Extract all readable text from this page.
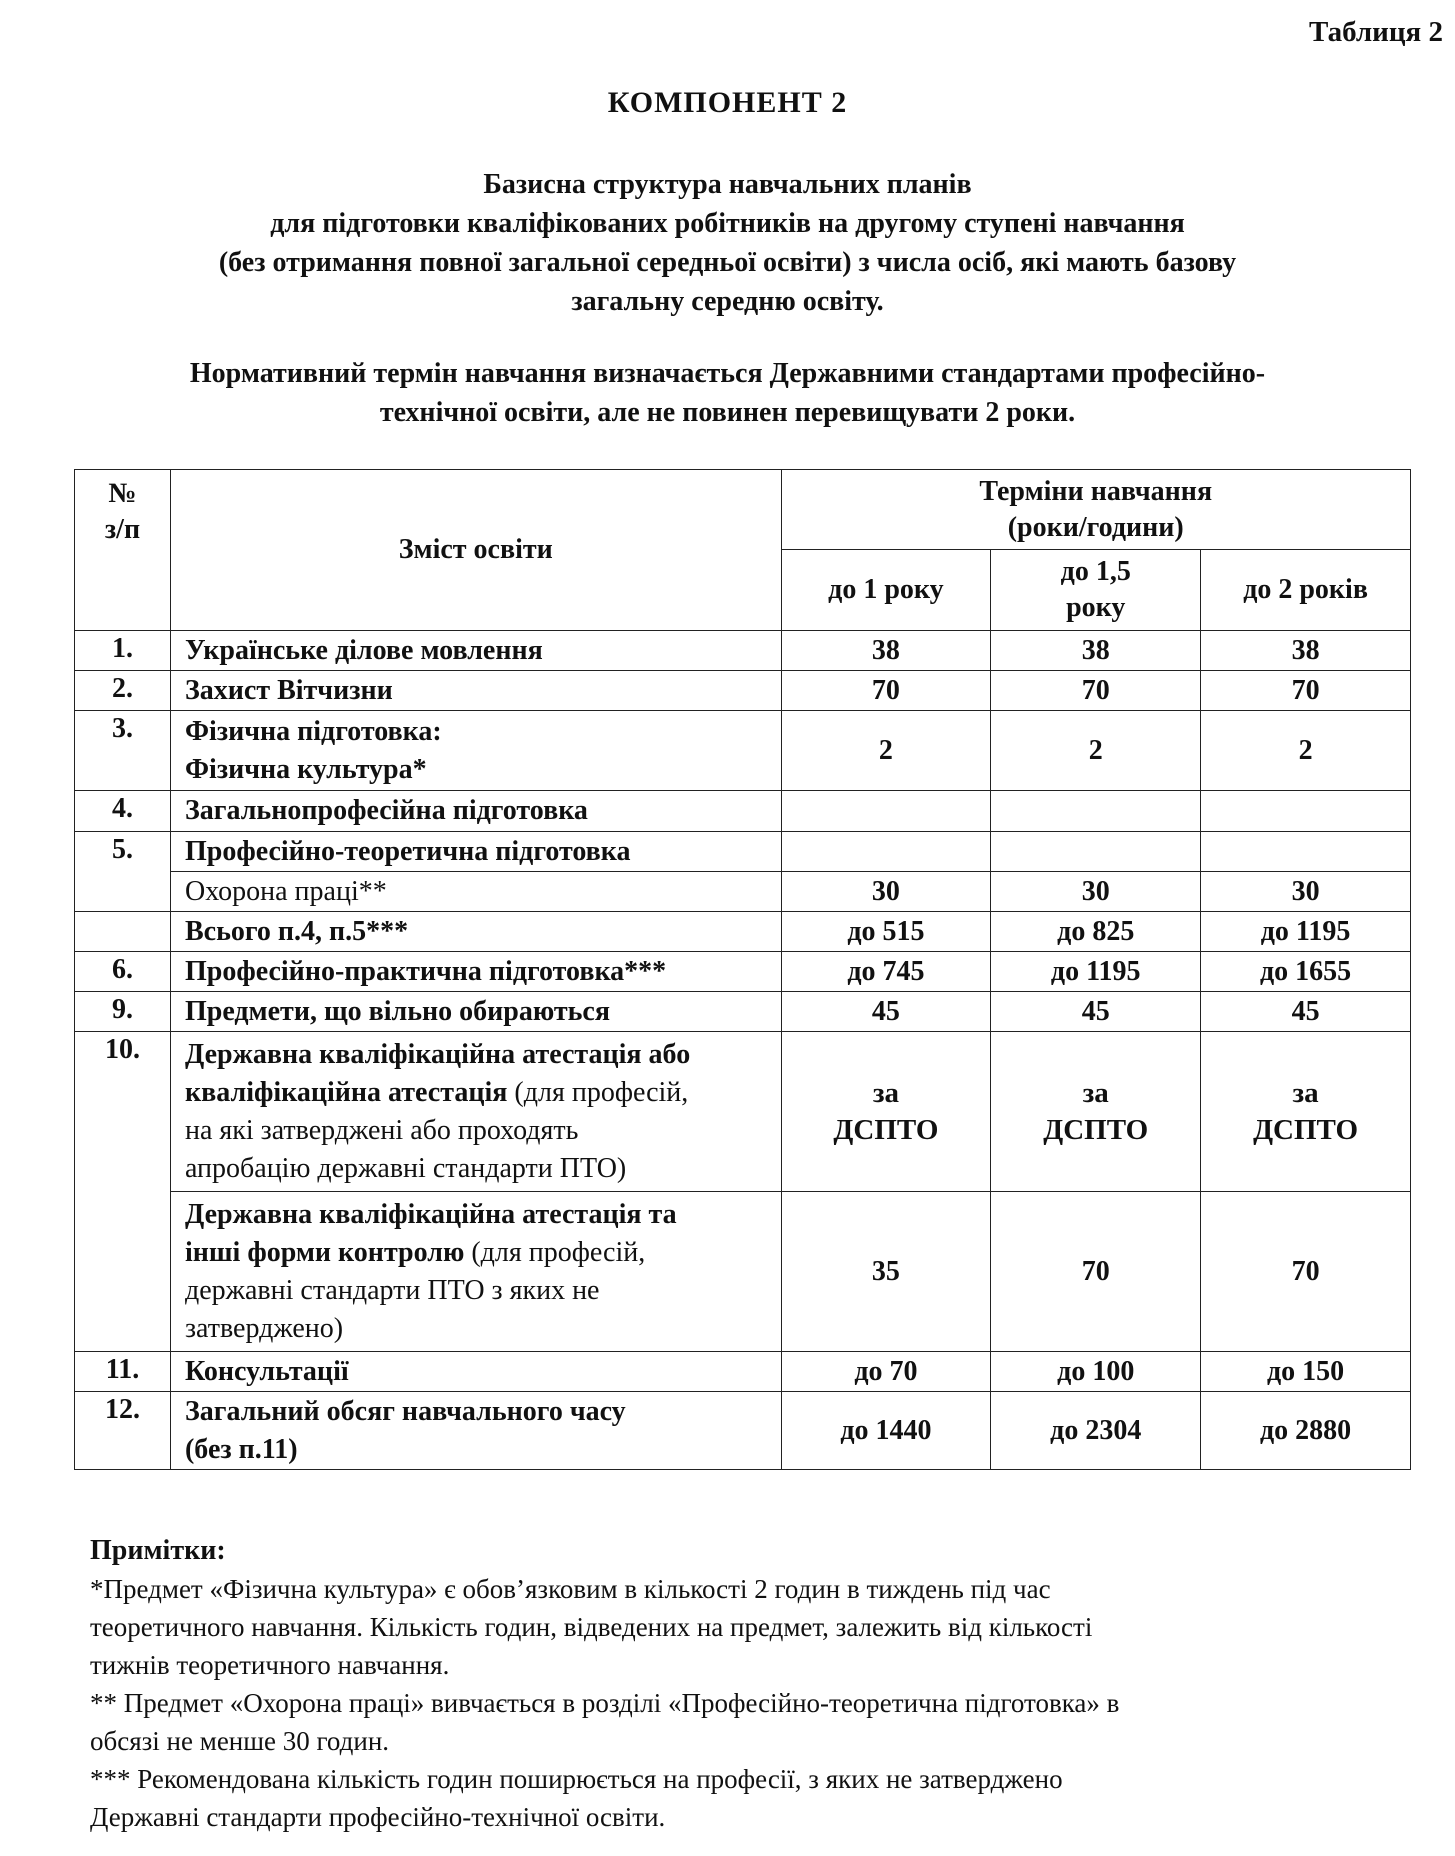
Таблиця 2
КОМПОНЕНТ 2
Базисна структура навчальних планів
для підготовки кваліфікованих робітників на другому ступені навчання
(без отримання повної загальної середньої освіти) з числа осіб, які мають базову
загальну середню освіту.
Нормативний термін навчання визначається Державними стандартами професійно-
технічної освіти, але не повинен перевищувати 2 роки.
№
з/п	Зміст освіти	Терміни навчання
(роки/години)		

		до 1 року	до 1,5
року	до 2 років
1.	Українське ділове мовлення	38	38	38
2.	Захист Вітчизни	70	70	70
3.	Фізична підготовка:
Фізична культура*	2	2	2
4.	Загальнопрофесійна підготовка			
5.	Професійно-теоретична підготовка			
	Охорона праці**	30	30	30
	Всього п.4, п.5***	до 515	до 825	до 1195
6.	Професійно-практична підготовка***	до 745	до 1195	до 1655
9.	Предмети, що вільно обираються	45	45	45
10.	Державна кваліфікаційна атестація або
кваліфікаційна атестація (для професій,
на які затверджені або проходять
апробацію державні стандарти ПТО)	за
ДСПТО	за
ДСПТО	за
ДСПТО

	Державна кваліфікаційна атестація та
інші форми контролю (для професій,
державні стандарти ПТО з яких не
затверджено)	35	70	70
11.	Консультації	до 70	до 100	до 150
12.	Загальний обсяг навчального часу
(без п.11)	до 1440	до 2304	до 2880

Примітки:

*Предмет «Фізична культура» є обов’язковим в кількості 2 годин в тиждень під час

теоретичного навчання. Кількість годин, відведених на предмет, залежить від кількості

тижнів теоретичного навчання.

** Предмет «Охорона праці» вивчається в розділі «Професійно-теоретична підготовка» в

обсязі не менше 30 годин.

*** Рекомендована кількість годин поширюється на професії, з яких не затверджено

Державні стандарти професійно-технічної освіти.
